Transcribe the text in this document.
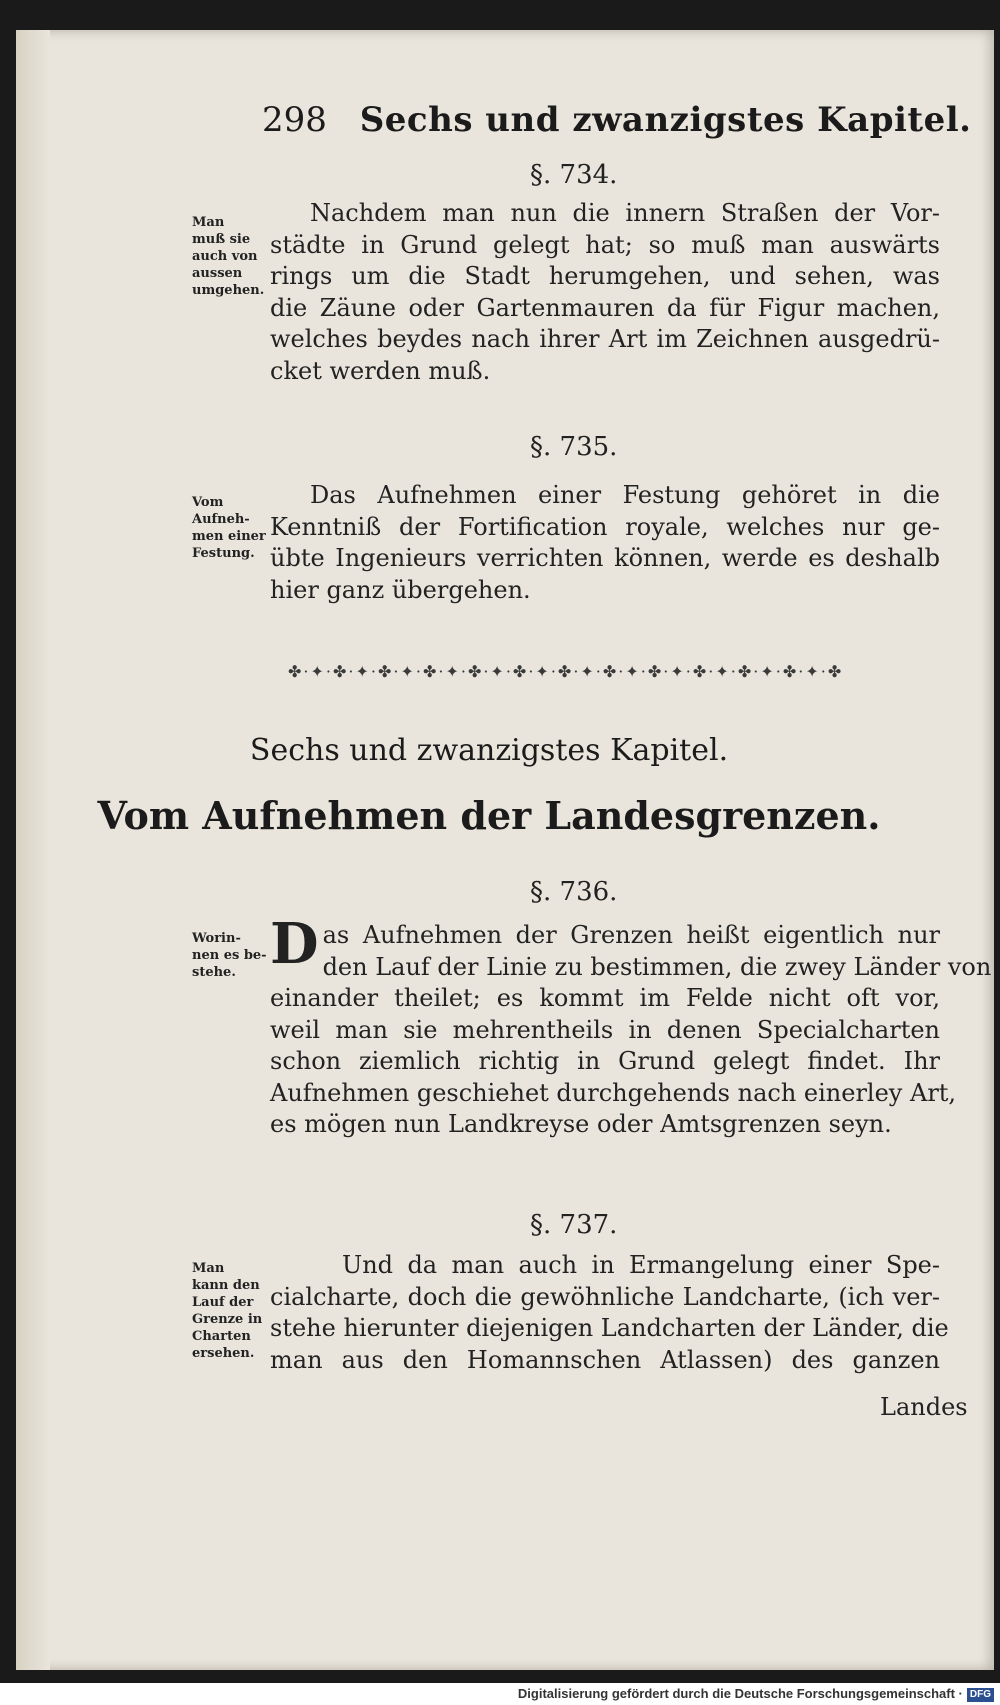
298 Sechs und zwanzigstes Kapitel.
§. 734.
Man
muß sie
auch von
aussen
umgehen.
Nachdem man nun die innern Straßen der Vor-
städte in Grund gelegt hat; so muß man auswärts
rings um die Stadt herumgehen, und sehen, was
die Zäune oder Gartenmauren da für Figur machen,
welches beydes nach ihrer Art im Zeichnen ausgedrü-
cket werden muß.
§. 735.
Vom
Aufneh-
men einer
Festung.
Das Aufnehmen einer Festung gehöret in die
Kenntniß der Fortification royale, welches nur ge-
übte Ingenieurs verrichten können, werde es deshalb
hier ganz übergehen.
✤·✦·✤·✦·✤·✦·✤·✦·✤·✦·✤·✦·✤·✦·✤·✦·✤·✦·✤·✦·✤·✦·✤·✦·✤
Sechs und zwanzigstes Kapitel.
Vom Aufnehmen der Landesgrenzen.
§. 736.
Worin-
nen es be-
stehe. D as Aufnehmen der Grenzen heißt eigentlich nur
den Lauf der Linie zu bestimmen, die zwey Länder von
einander theilet; es kommt im Felde nicht oft vor,
weil man sie mehrentheils in denen Specialcharten
schon ziemlich richtig in Grund gelegt findet. Ihr
Aufnehmen geschiehet durchgehends nach einerley Art,
es mögen nun Landkreyse oder Amtsgrenzen seyn.
§. 737.
Man
kann den
Lauf der
Grenze in
Charten
ersehen.
Und da man auch in Ermangelung einer Spe-
cialcharte, doch die gewöhnliche Landcharte, (ich ver-
stehe hierunter diejenigen Landcharten der Länder, die
man aus den Homannschen Atlassen) des ganzen
Landes
Digitalisierung gefördert durch die Deutsche Forschungsgemeinschaft · DFG
